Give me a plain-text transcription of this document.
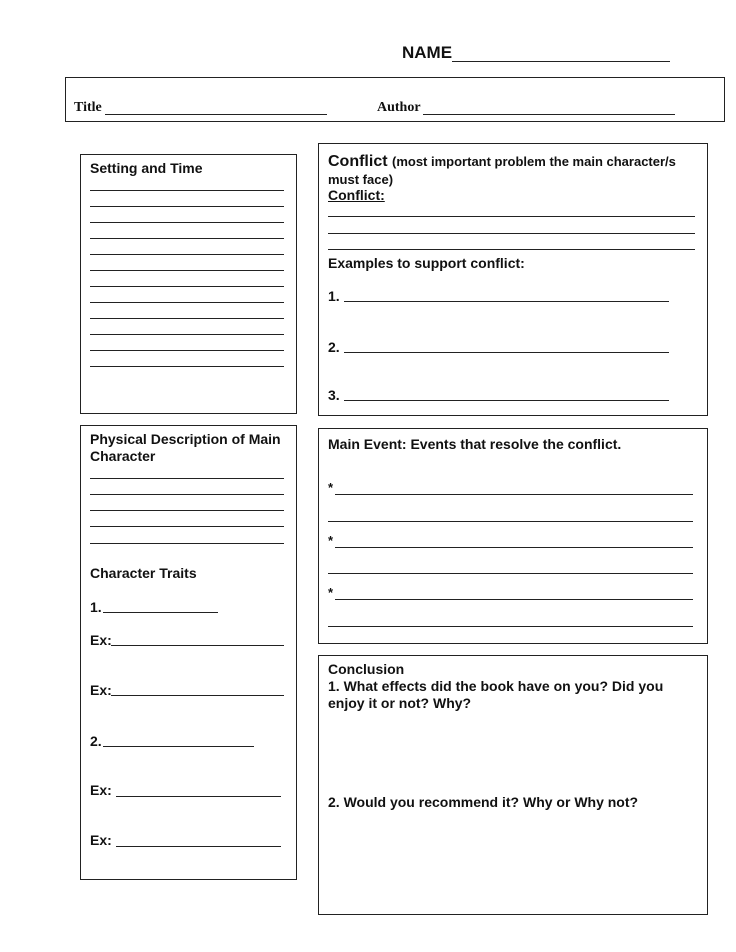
NAME
Title	Author
Setting and Time
Physical Description of Main
Character
Character Traits
1.
Ex:
Ex:
2.
Ex:
Ex:
Conflict (most important problem the main character/s
must face)
Conflict:
Examples to support conflict:
1.
2.
3.
Main Event: Events that resolve the conflict.
*
*
*
Conclusion
1. What effects did the book have on you? Did you
enjoy it or not? Why?
2. Would you recommend it? Why or Why not?
